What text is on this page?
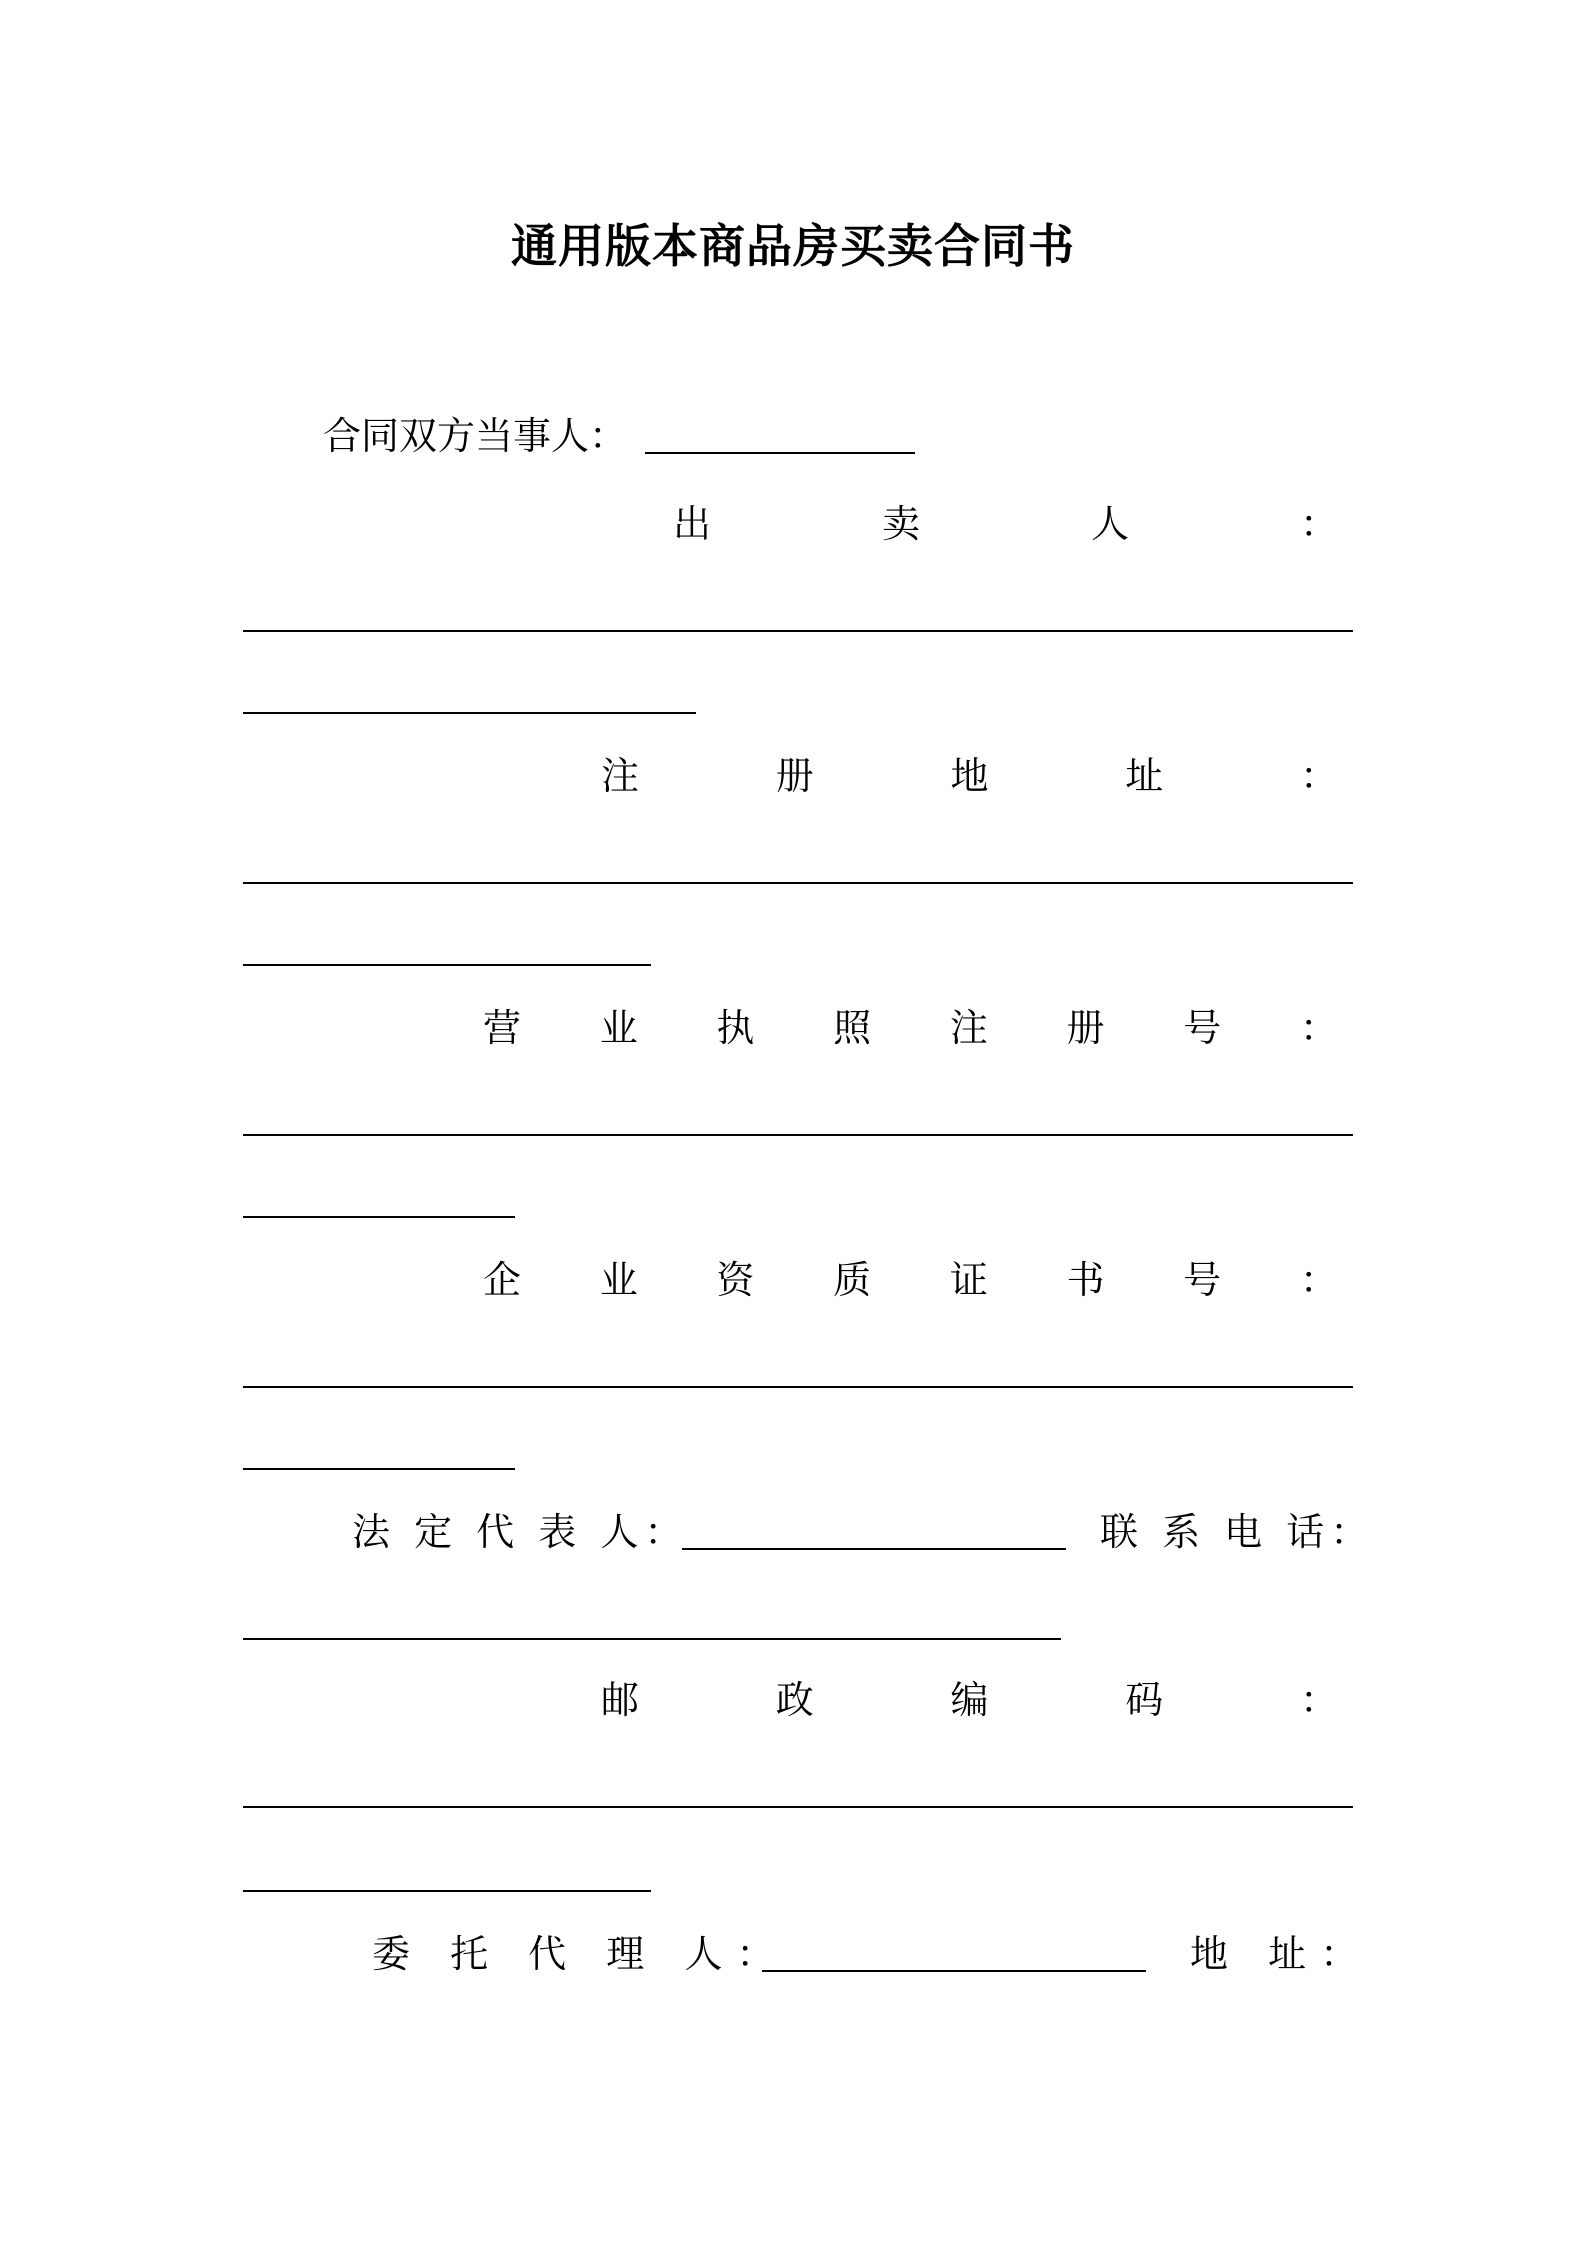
通用版本商品房买卖合同书
合同双方当事人：
出	卖	人	：
注	册	地	址	：
营 业 执 照 注 册 号 ：
企 业 资 质 证 书 号 ：
法 定 代 表 人：	联 系 电 话：
邮	政	编	码	：
委 托 代 理 人：	地 址：
